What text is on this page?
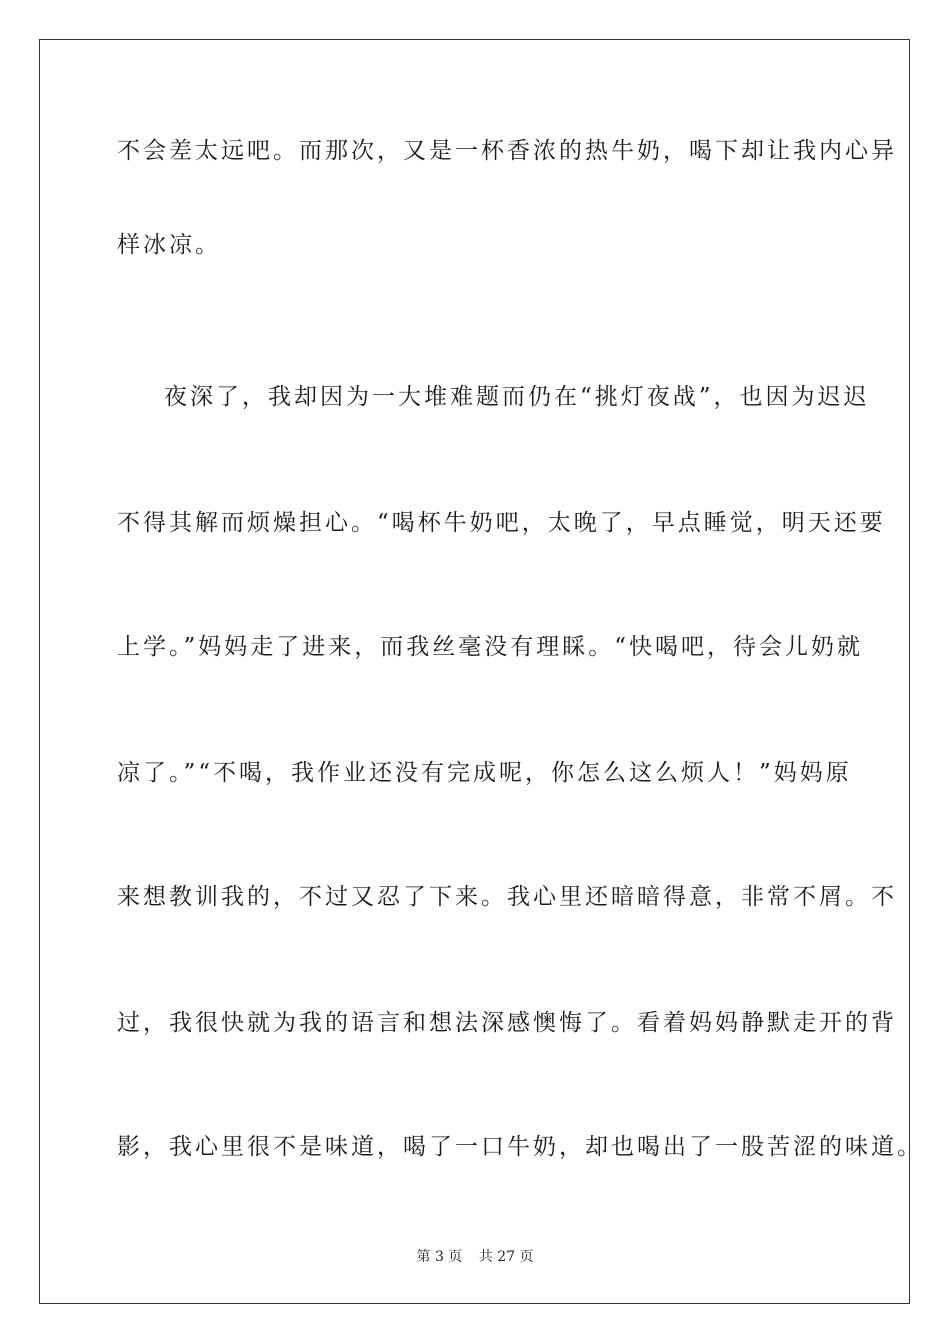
不会差太远吧。而那次，又是一杯香浓的热牛奶，喝下却让我内心异
样冰凉。
夜深了，我却因为一大堆难题而仍在“挑灯夜战”，也因为迟迟
不得其解而烦燥担心。“喝杯牛奶吧，太晚了，早点睡觉，明天还要
上学。”妈妈走了进来，而我丝毫没有理睬。“快喝吧，待会儿奶就
凉了。”“不喝，我作业还没有完成呢，你怎么这么烦人！”妈妈原
来想教训我的，不过又忍了下来。我心里还暗暗得意，非常不屑。不
过，我很快就为我的语言和想法深感懊悔了。看着妈妈静默走开的背
影，我心里很不是味道，喝了一口牛奶，却也喝出了一股苦涩的味道。
第 3 页 共 27 页
